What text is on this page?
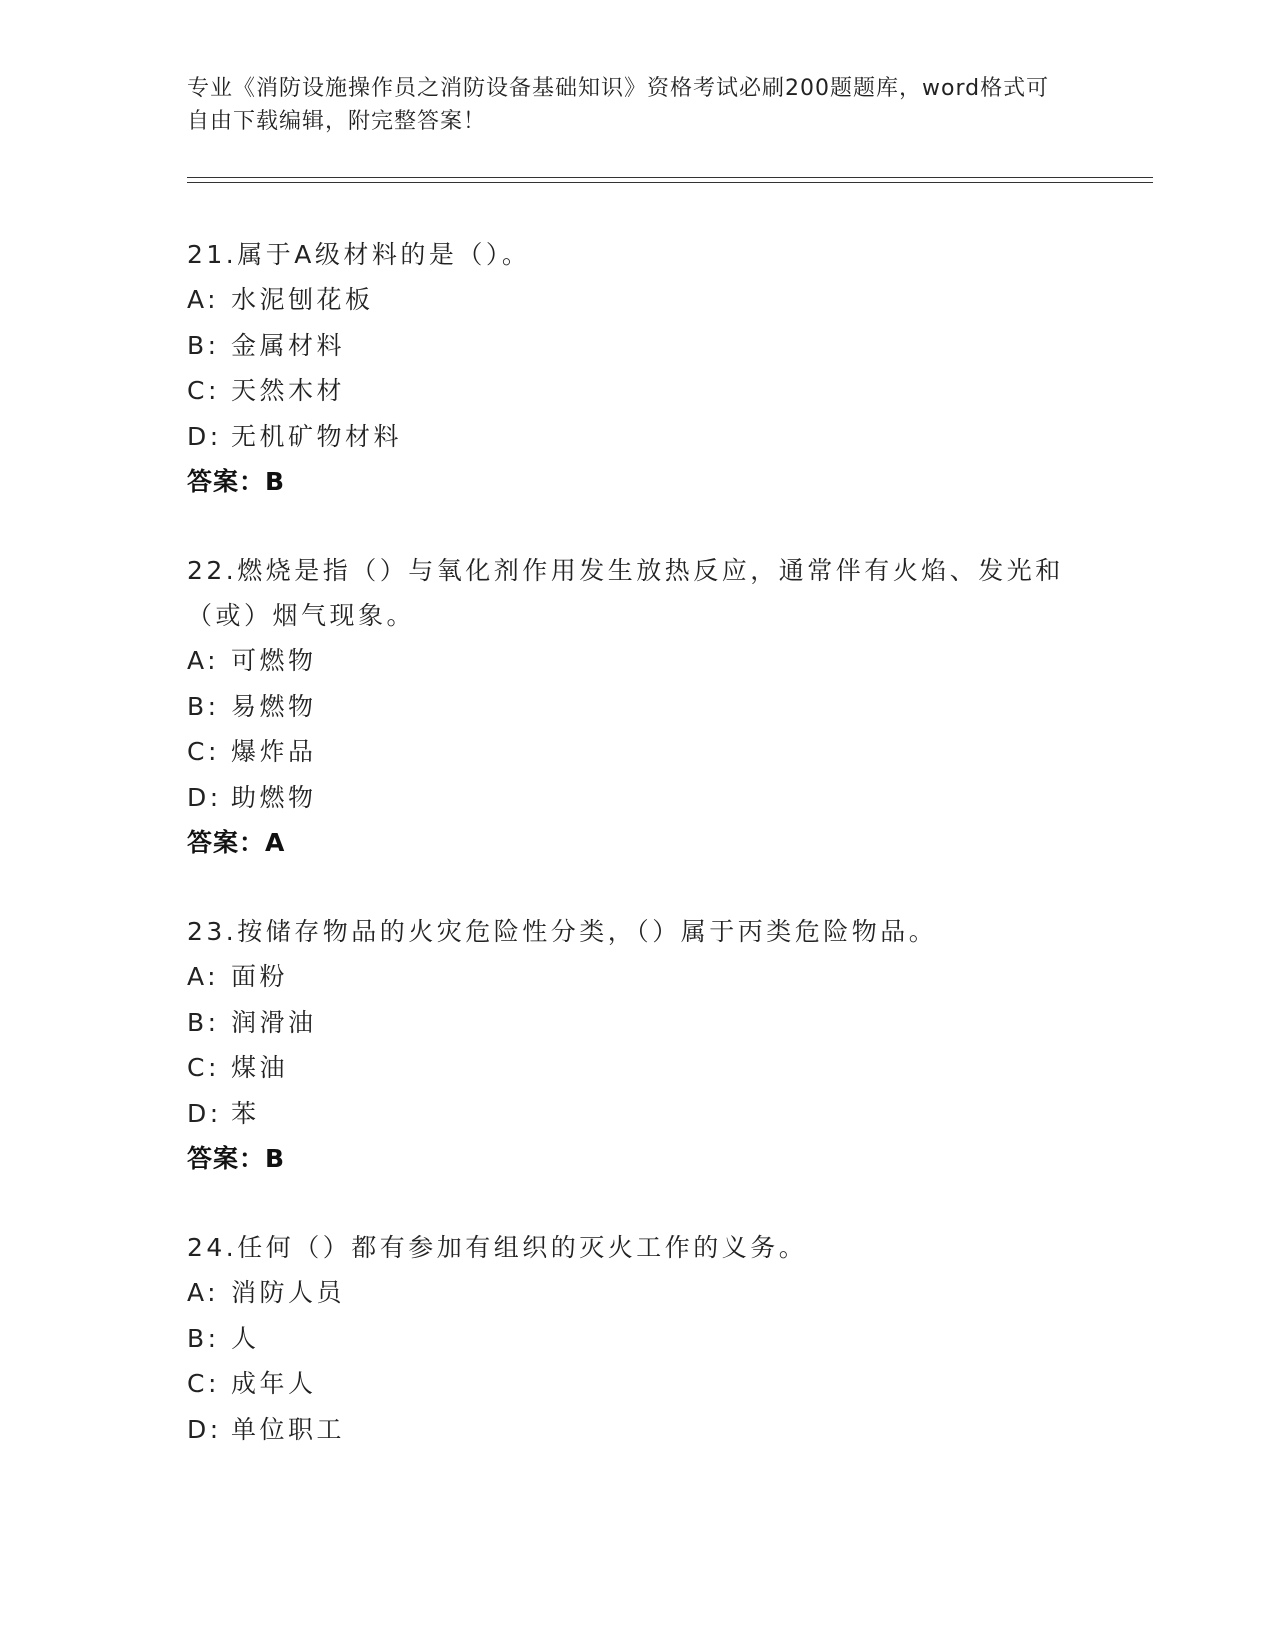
专业《消防设施操作员之消防设备基础知识》资格考试必刷200题题库，word格式可自由下载编辑，附完整答案！

21.属于A级材料的是（）。

A: 水泥刨花板
B: 金属材料
C: 天然木材
D: 无机矿物材料
答案：B

22.燃烧是指（）与氧化剂作用发生放热反应，通常伴有火焰、发光和（或）烟气现象。

A: 可燃物
B: 易燃物
C: 爆炸品
D: 助燃物
答案：A

23.按储存物品的火灾危险性分类，（）属于丙类危险物品。

A: 面粉
B: 润滑油
C: 煤油
D: 苯
答案：B

24.任何（）都有参加有组织的灭火工作的义务。

A: 消防人员
B: 人
C: 成年人
D: 单位职工
